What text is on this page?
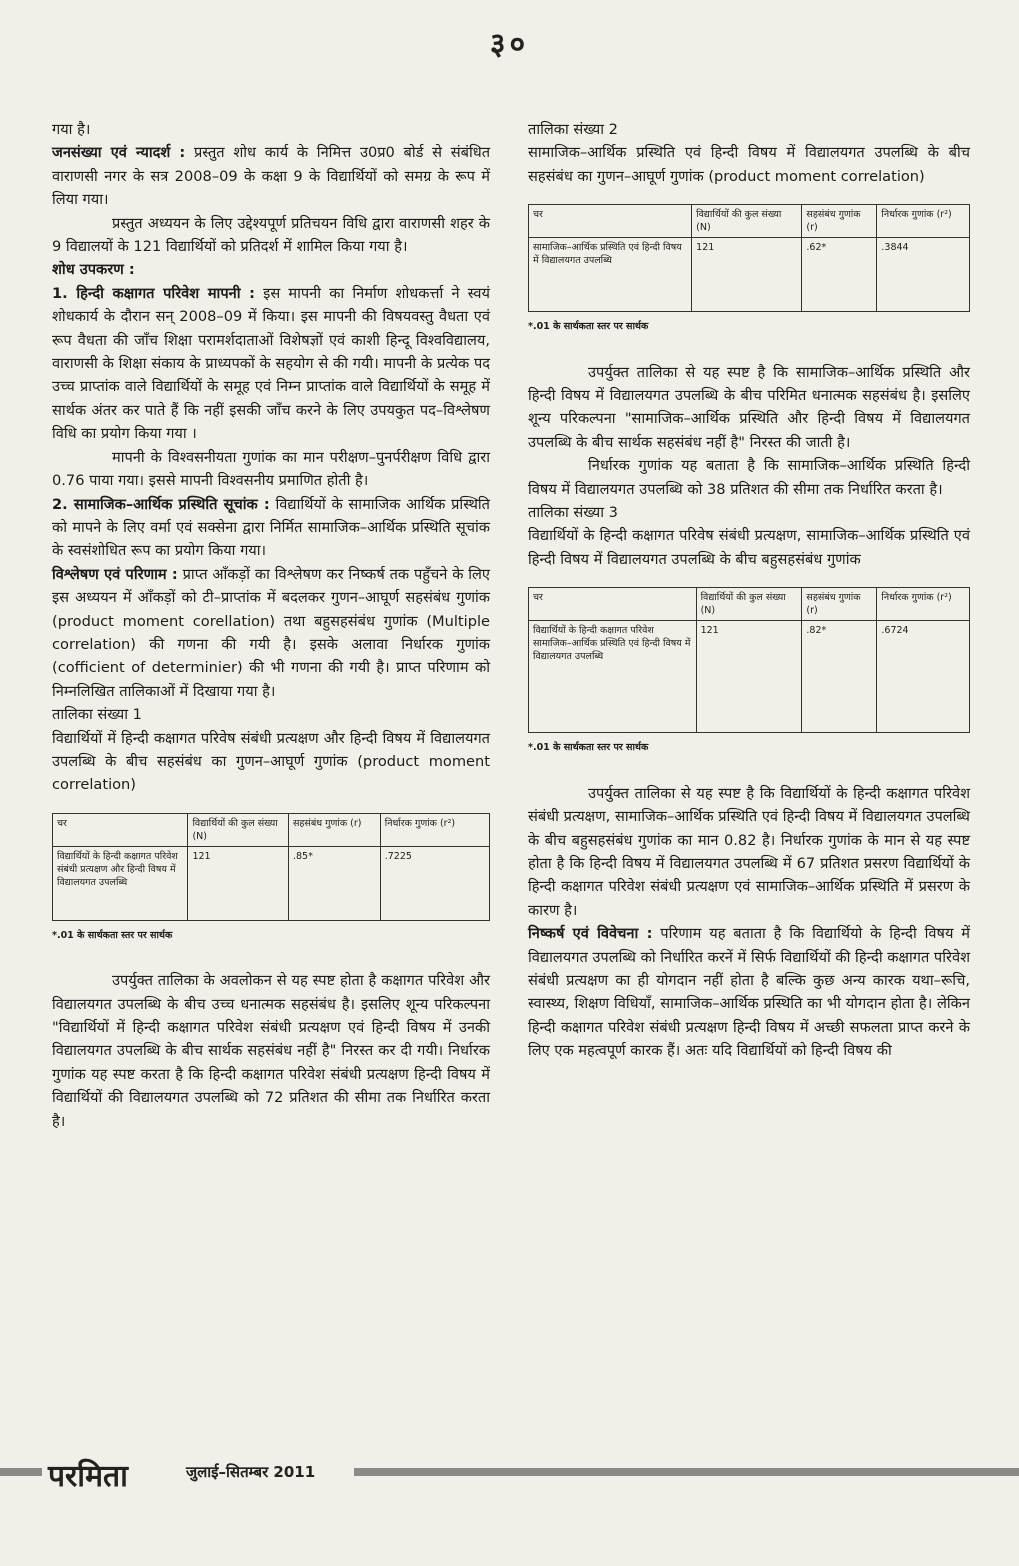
३०

गया है।

जनसंख्या एवं न्यादर्श : प्रस्तुत शोध कार्य के निमित्त उ0प्र0 बोर्ड से संबंधित वाराणसी नगर के सत्र 2008–09 के कक्षा 9 के विद्यार्थियों को समग्र के रूप में लिया गया।

प्रस्तुत अध्ययन के लिए उद्देश्यपूर्ण प्रतिचयन विधि द्वारा वाराणसी शहर के 9 विद्यालयों के 121 विद्यार्थियों को प्रतिदर्श में शामिल किया गया है।

शोध उपकरण :

1. हिन्दी कक्षागत परिवेश मापनी : इस मापनी का निर्माण शोधकर्त्ता ने स्वयं शोधकार्य के दौरान सन् 2008–09 में किया। इस मापनी की विषयवस्तु वैधता एवं रूप वैधता की जाँच शिक्षा परामर्शदाताओं विशेषज्ञों एवं काशी हिन्दू विश्वविद्यालय, वाराणसी के शिक्षा संकाय के प्राध्यपकों के सहयोग से की गयी। मापनी के प्रत्येक पद उच्च प्राप्तांक वाले विद्यार्थियों के समूह एवं निम्न प्राप्तांक वाले विद्यार्थियों के समूह में सार्थक अंतर कर पाते हैं कि नहीं इसकी जाँच करने के लिए उपयकुत पद–विश्लेषण विधि का प्रयोग किया गया ।

मापनी के विश्वसनीयता गुणांक का मान परीक्षण–पुनर्परीक्षण विधि द्वारा 0.76 पाया गया। इससे मापनी विश्वसनीय प्रमाणित होती है।

2. सामाजिक–आर्थिक प्रस्थिति सूचांक : विद्यार्थियों के सामाजिक आर्थिक प्रस्थिति को मापने के लिए वर्मा एवं सक्सेना द्वारा निर्मित सामाजिक–आर्थिक प्रस्थिति सूचांक के स्वसंशोधित रूप का प्रयोग किया गया।

विश्लेषण एवं परिणाम : प्राप्त आँकड़ों का विश्लेषण कर निष्कर्ष तक पहुँचने के लिए इस अध्ययन में आँकड़ों को टी–प्राप्तांक में बदलकर गुणन–आघूर्ण सहसंबंध गुणांक (product moment corellation) तथा बहुसहसंबंध गुणांक (Multiple correlation) की गणना की गयी है। इसके अलावा निर्धारक गुणांक (cofficient of determinier) की भी गणना की गयी है। प्राप्त परिणाम को निम्नलिखित तालिकाओं में दिखाया गया है।

तालिका संख्या 1

विद्यार्थियों में हिन्दी कक्षागत परिवेष संबंधी प्रत्यक्षण और हिन्दी विषय में विद्यालयगत उपलब्धि के बीच सहसंबंध का गुणन–आघूर्ण गुणांक (product moment correlation)

चर	विद्यार्थियों की कुल संख्या (N)	सहसंबंध गुणांक (r)	निर्धारक गुणांक (r²)
विद्यार्थियों के हिन्दी कक्षागत परिवेश संबंधी प्रत्यक्षण और हिन्दी विषय में विद्यालयगत उपलब्धि	121	.85*	.7225

*.01 के सार्थकता स्तर पर सार्थक

उपर्युक्त तालिका के अवलोकन से यह स्पष्ट होता है कक्षागत परिवेश और विद्यालयगत उपलब्धि के बीच उच्च धनात्मक सहसंबंध है। इसलिए शून्य परिकल्पना "विद्यार्थियों में हिन्दी कक्षागत परिवेश संबंधी प्रत्यक्षण एवं हिन्दी विषय में उनकी विद्यालयगत उपलब्धि के बीच सार्थक सहसंबंध नहीं है" निरस्त कर दी गयी। निर्धारक गुणांक यह स्पष्ट करता है कि हिन्दी कक्षागत परिवेश संबंधी प्रत्यक्षण हिन्दी विषय में विद्यार्थियों की विद्यालयगत उपलब्धि को 72 प्रतिशत की सीमा तक निर्धारित करता है।

तालिका संख्या 2

सामाजिक–आर्थिक प्रस्थिति एवं हिन्दी विषय में विद्यालयगत उपलब्धि के बीच सहसंबंध का गुणन–आघूर्ण गुणांक (product moment correlation)

चर	विद्यार्थियों की कुल संख्या (N)	सहसंबंध गुणांक (r)	निर्धारक गुणांक (r²)
सामाजिक–आर्थिक प्रस्थिति एवं हिन्दी विषय में विद्यालयगत उपलब्धि	121	.62*	.3844

*.01 के सार्थकता स्तर पर सार्थक

उपर्युक्त तालिका से यह स्पष्ट है कि सामाजिक–आर्थिक प्रस्थिति और हिन्दी विषय में विद्यालयगत उपलब्धि के बीच परिमित धनात्मक सहसंबंध है। इसलिए शून्य परिकल्पना "सामाजिक–आर्थिक प्रस्थिति और हिन्दी विषय में विद्यालयगत उपलब्धि के बीच सार्थक सहसंबंध नहीं है" निरस्त की जाती है।

निर्धारक गुणांक यह बताता है कि सामाजिक–आर्थिक प्रस्थिति हिन्दी विषय में विद्यालयगत उपलब्धि को 38 प्रतिशत की सीमा तक निर्धारित करता है।

तालिका संख्या 3

विद्यार्थियों के हिन्दी कक्षागत परिवेष संबंधी प्रत्यक्षण, सामाजिक–आर्थिक प्रस्थिति एवं हिन्दी विषय में विद्यालयगत उपलब्धि के बीच बहुसहसंबंध गुणांक

चर	विद्यार्थियों की कुल संख्या (N)	सहसंबंध गुणांक (r)	निर्धारक गुणांक (r²)
विद्यार्थियों के हिन्दी कक्षागत परिवेश सामाजिक–आर्थिक प्रस्थिति एवं हिन्दी विषय में विद्यालयगत उपलब्धि	121	.82*	.6724

*.01 के सार्थकता स्तर पर सार्थक

उपर्युक्त तालिका से यह स्पष्ट है कि विद्यार्थियों के हिन्दी कक्षागत परिवेश संबंधी प्रत्यक्षण, सामाजिक–आर्थिक प्रस्थिति एवं हिन्दी विषय में विद्यालयगत उपलब्धि के बीच बहुसहसंबंध गुणांक का मान 0.82 है। निर्धारक गुणांक के मान से यह स्पष्ट होता है कि हिन्दी विषय में विद्यालयगत उपलब्धि में 67 प्रतिशत प्रसरण विद्यार्थियों के हिन्दी कक्षागत परिवेश संबंधी प्रत्यक्षण एवं सामाजिक–आर्थिक प्रस्थिति में प्रसरण के कारण है।

निष्कर्ष एवं विवेचना : परिणाम यह बताता है कि विद्यार्थियो के हिन्दी विषय में विद्यालयगत उपलब्धि को निर्धारित करनें में सिर्फ विद्यार्थियों की हिन्दी कक्षागत परिवेश संबंधी प्रत्यक्षण का ही योगदान नहीं होता है बल्कि कुछ अन्य कारक यथा–रूचि, स्वास्थ्य, शिक्षण विधियाँ, सामाजिक–आर्थिक प्रस्थिति का भी योगदान होता है। लेकिन हिन्दी कक्षागत परिवेश संबंधी प्रत्यक्षण हिन्दी विषय में अच्छी सफलता प्राप्त करने के लिए एक महत्वपूर्ण कारक हैं। अतः यदि विद्यार्थियों को हिन्दी विषय की

परमिता	जुलाई–सितम्बर 2011
